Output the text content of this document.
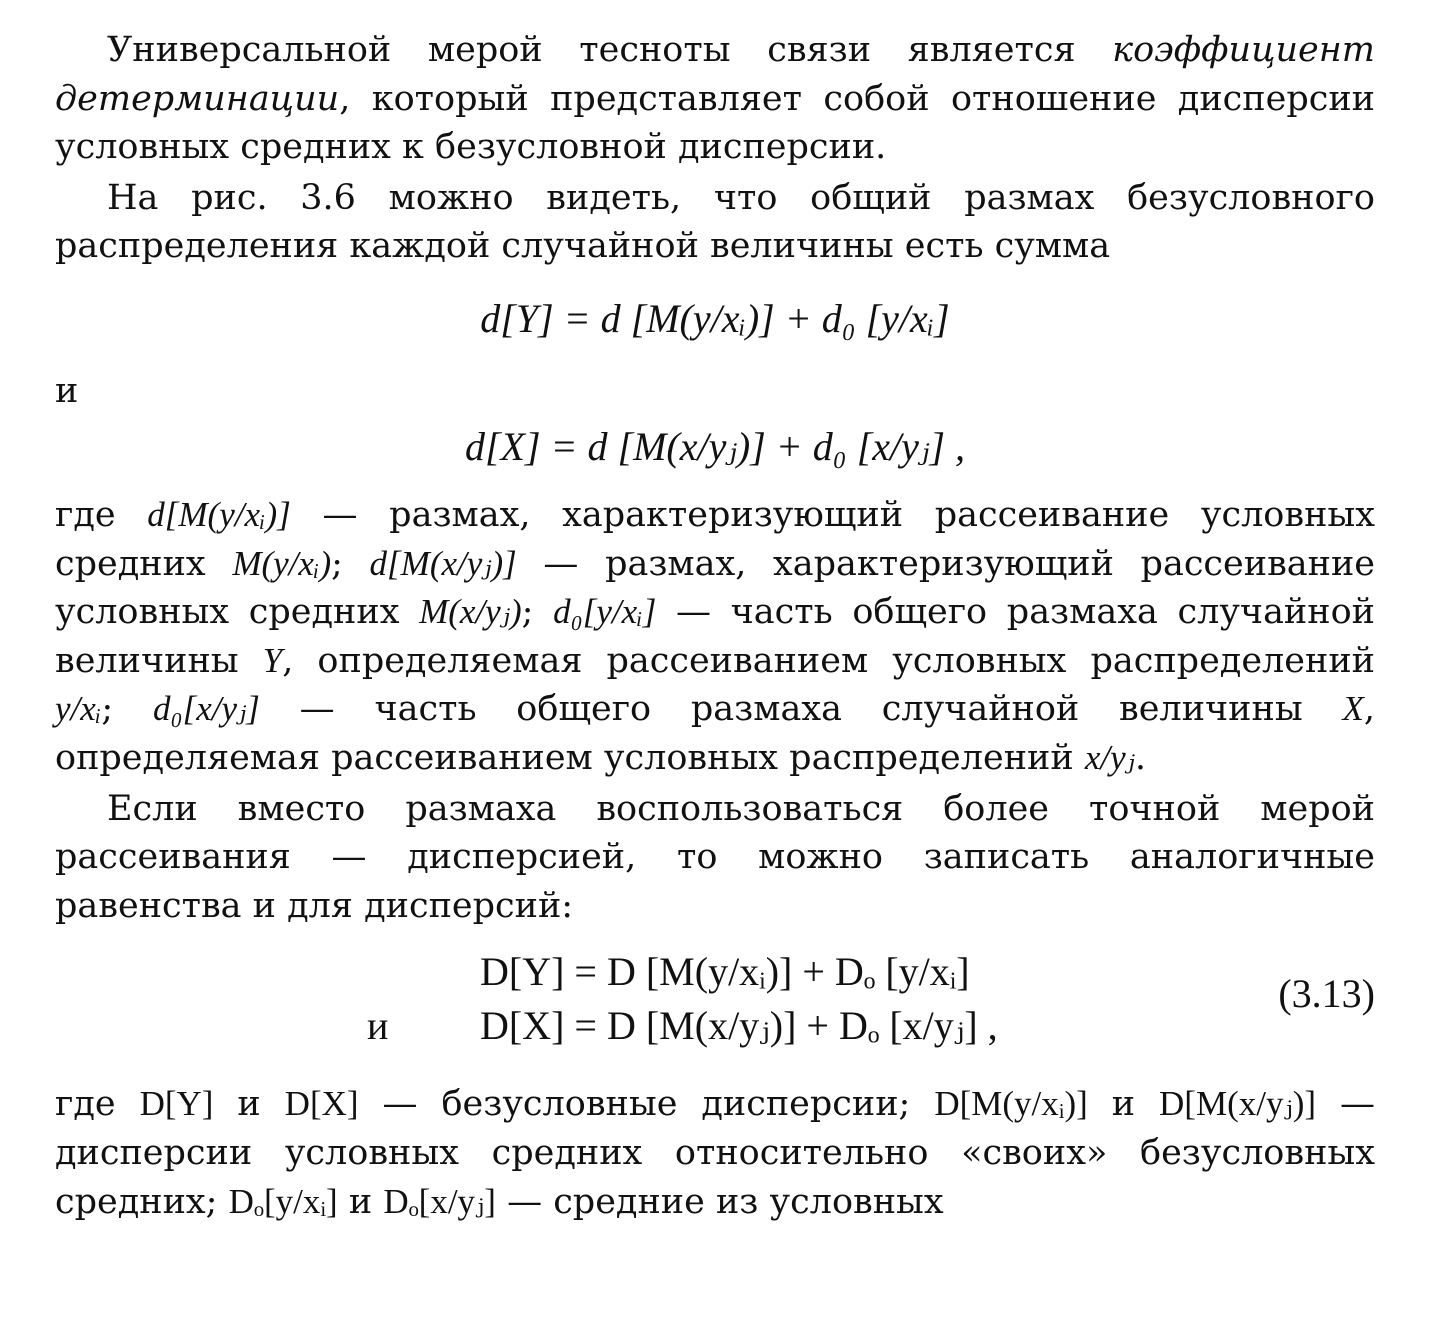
Универсальной мерой тесноты связи является коэффициент детерминации, который представляет собой отношение дисперсии условных средних к безусловной дисперсии.

На рис. 3.6 можно видеть, что общий размах безусловного распределения каждой случайной величины есть сумма

d[Y] = d [M(y/xᵢ)] + d₀ [y/xᵢ]

и

d[X] = d [M(x/yⱼ)] + d₀ [x/yⱼ] ,

где d[M(y/xᵢ)] — размах, характеризующий рассеивание условных средних M(y/xᵢ); d[M(x/yⱼ)] — размах, характеризующий рассеивание условных средних M(x/yⱼ); d₀[y/xᵢ] — часть общего размаха случайной величины Y, определяемая рассеиванием условных распределений y/xᵢ; d₀[x/yⱼ] — часть общего размаха случайной величины X, определяемая рассеиванием условных распределений x/yⱼ.

Если вместо размаха воспользоваться более точной мерой рассеивания — дисперсией, то можно записать аналогичные равенства и для дисперсий:

D[Y] = D [M(y/xᵢ)] + Dₒ [y/xᵢ]
и D[X] = D [M(x/yⱼ)] + Dₒ [x/yⱼ] ,
(3.13)

где D[Y] и D[X] — безусловные дисперсии; D[M(y/xᵢ)] и D[M(x/yⱼ)] — дисперсии условных средних относительно «своих» безусловных средних; Dₒ[y/xᵢ] и Dₒ[x/yⱼ] — средние из условных
